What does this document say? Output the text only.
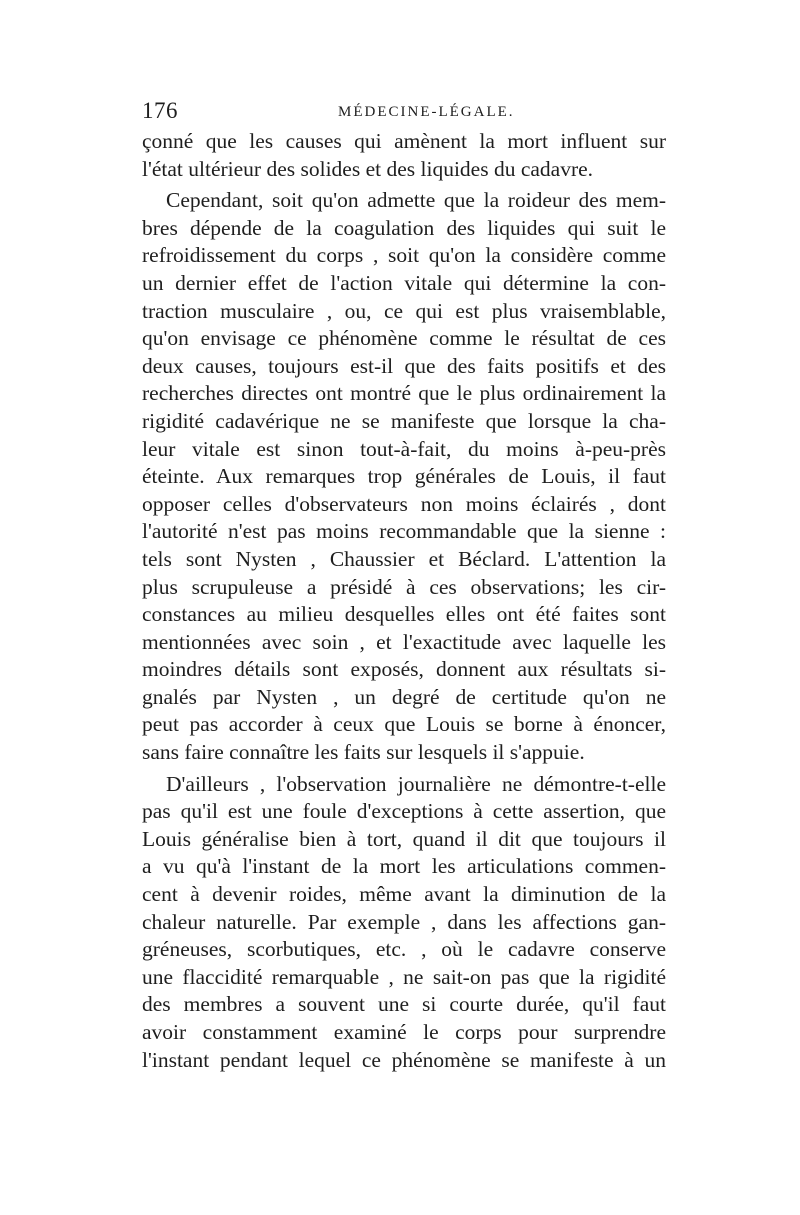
176	MÉDECINE-LÉGALE.
çonné que les causes qui amènent la mort influent sur
l'état ultérieur des solides et des liquides du cadavre.
Cependant, soit qu'on admette que la roideur des mem-
bres dépende de la coagulation des liquides qui suit le
refroidissement du corps , soit qu'on la considère comme
un dernier effet de l'action vitale qui détermine la con-
traction musculaire , ou, ce qui est plus vraisemblable,
qu'on envisage ce phénomène comme le résultat de ces
deux causes, toujours est-il que des faits positifs et des
recherches directes ont montré que le plus ordinairement la
rigidité cadavérique ne se manifeste que lorsque la cha-
leur vitale est sinon tout-à-fait, du moins à-peu-près
éteinte. Aux remarques trop générales de Louis, il faut
opposer celles d'observateurs non moins éclairés , dont
l'autorité n'est pas moins recommandable que la sienne :
tels sont Nysten , Chaussier et Béclard. L'attention la
plus scrupuleuse a présidé à ces observations; les cir-
constances au milieu desquelles elles ont été faites sont
mentionnées avec soin , et l'exactitude avec laquelle les
moindres détails sont exposés, donnent aux résultats si-
gnalés par Nysten , un degré de certitude qu'on ne
peut pas accorder à ceux que Louis se borne à énoncer,
sans faire connaître les faits sur lesquels il s'appuie.
D'ailleurs , l'observation journalière ne démontre-t-elle
pas qu'il est une foule d'exceptions à cette assertion, que
Louis généralise bien à tort, quand il dit que toujours il
a vu qu'à l'instant de la mort les articulations commen-
cent à devenir roides, même avant la diminution de la
chaleur naturelle. Par exemple , dans les affections gan-
gréneuses, scorbutiques, etc. , où le cadavre conserve
une flaccidité remarquable , ne sait-on pas que la rigidité
des membres a souvent une si courte durée, qu'il faut
avoir constamment examiné le corps pour surprendre
l'instant pendant lequel ce phénomène se manifeste à un
